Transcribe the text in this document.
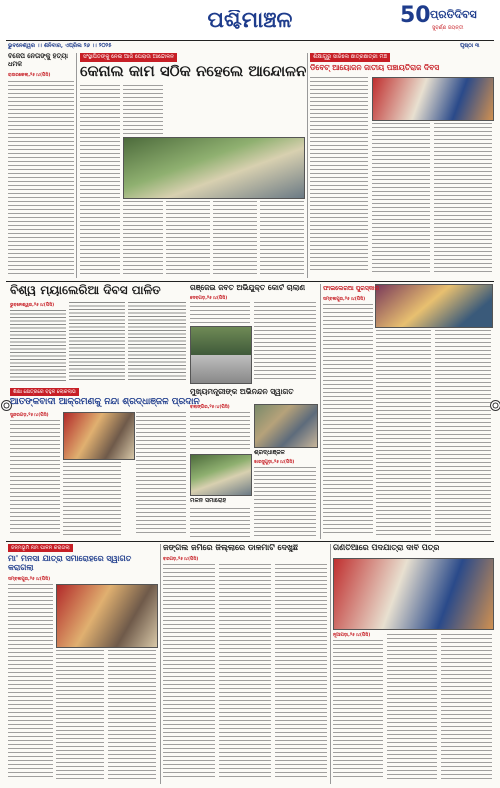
ପଶ୍ଚିମାଞ୍ଚଳ	50 ପ୍ରତିଦିବସ
ସୁବର୍ଣ୍ଣ ଜୟନ୍ତୀ
ଭୁବନେଶ୍ୱର ।। ଶନିବାର, ଏପ୍ରିଲ ୨୬ ।। ୨୦୨୫	ପୃଷ୍ଠା ୩
ବିଜେପି ନେତାଙ୍କୁ ହତ୍ୟା ଧମକ
ରାଉରକେଲା,୨୫।୪(ପିସି)
ସଂସ୍ଥାପିତଙ୍କୁ ନେଇ ଆଜି ଘେରାଉ ଆନ୍ଦୋଳନ
କେନାଲ କାମ ସଠିକ ନହେଲେ ଆନ୍ଦୋଳନ
ଶିକ୍ଷାଗୁରୁ ସାଜିଲେ ଛାତ୍ରଛାତ୍ରୀ ମଞ୍ଚ
ଡିବେଟ୍ ଆୟୋଜନ ଜାତୀୟ ପଞ୍ଚାୟତିରାଜ ଦିବସ
ବିଶ୍ୱ ମ୍ୟାଲେରିଆ ଦିବସ ପାଳିତ
ଭୁବନେଶ୍ୱର,୨୫।୪(ପିସି)
ଗଞ୍ଜେଇ ଜବତ ଅଭିଯୁକ୍ତ କୋର୍ଟ ଚାଲାଣ
ଦେବଗଡ଼,୨୫।୪(ପିସି)
ମୁଖ୍ୟମନ୍ତ୍ରୀଙ୍କ ଅଭିନନ୍ଦନ ସ୍ୱାଗତ
ଫାଇଲେରିଆ ପୁରସ୍କାର
ସମ୍ବଲପୁର,୨୫।୪(ପିସି)
ଶିକ୍ଷା କ୍ଷେତ୍ରରେ ବହୁଳ ଲୋକଲାଭ
ଆତଙ୍କବାଦୀ ଆକ୍ରମଣକୁ ନିନ୍ଦା ଶ୍ରଦ୍ଧାଞ୍ଜଳି ପ୍ରଦାନ
ସୁନ୍ଦରଗଡ଼,୨୫।୪(ପିସି)
ବଲାଙ୍ଗିର,୨୫।୪(ପିସି)
ମିଳନ ସମାରୋହ
ଶ୍ରଦ୍ଧାଞ୍ଜଳି
ଝାରସୁଗୁଡ଼ା,୨୫।୪(ପିସି)
ଜନ୍ମଭୂମି ନାମ ପାଳନ କରାଗଲା
ମା' ମନସା ଯାତ୍ରା ସମାରୋହରେ ସ୍ୱାଗତ କରାଗଲା
ସମ୍ବଲପୁର,୨୫।୪(ପିସି)
ଜଙ୍ଗଲ ଜମିରେ ଜିଲ୍ଲାରେ ଡାଳମାଟି ଦେଖୁଛି
ବରଗଡ଼,୨୫।୪(ପିସି)
ଗଣତିଆରେ ପଦଯାତ୍ରା ଦାବି ପତ୍ର
ନୂଆପଡ଼ା,୨୫।୪(ପିସି)
